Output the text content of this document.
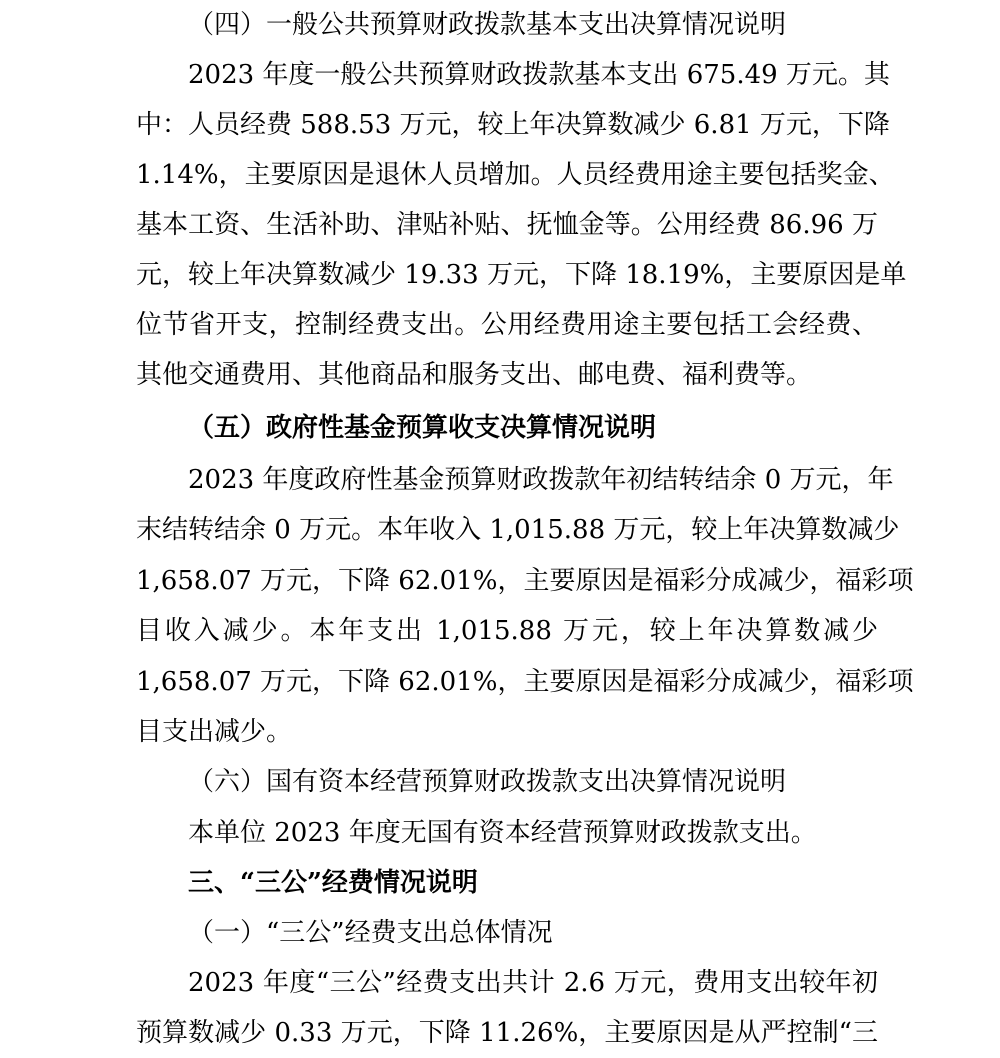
（四）一般公共预算财政拨款基本支出决算情况说明
2023 年度一般公共预算财政拨款基本支出 675.49 万元。其
中：人员经费 588.53 万元，较上年决算数减少 6.81 万元，下降
1.14%，主要原因是退休人员增加。人员经费用途主要包括奖金、
基本工资、生活补助、津贴补贴、抚恤金等。公用经费 86.96 万
元，较上年决算数减少 19.33 万元，下降 18.19%，主要原因是单
位节省开支，控制经费支出。公用经费用途主要包括工会经费、
其他交通费用、其他商品和服务支出、邮电费、福利费等。
（五）政府性基金预算收支决算情况说明
2023 年度政府性基金预算财政拨款年初结转结余 0 万元，年
末结转结余 0 万元。本年收入 1,015.88 万元，较上年决算数减少
1,658.07 万元，下降 62.01%，主要原因是福彩分成减少，福彩项
目收入减少。本年支出 1,015.88 万元，较上年决算数减少
1,658.07 万元，下降 62.01%，主要原因是福彩分成减少，福彩项
目支出减少。
（六）国有资本经营预算财政拨款支出决算情况说明
本单位 2023 年度无国有资本经营预算财政拨款支出。
三、“三公”经费情况说明
（一）“三公”经费支出总体情况
2023 年度“三公”经费支出共计 2.6 万元，费用支出较年初
预算数减少 0.33 万元，下降 11.26%，主要原因是从严控制“三
